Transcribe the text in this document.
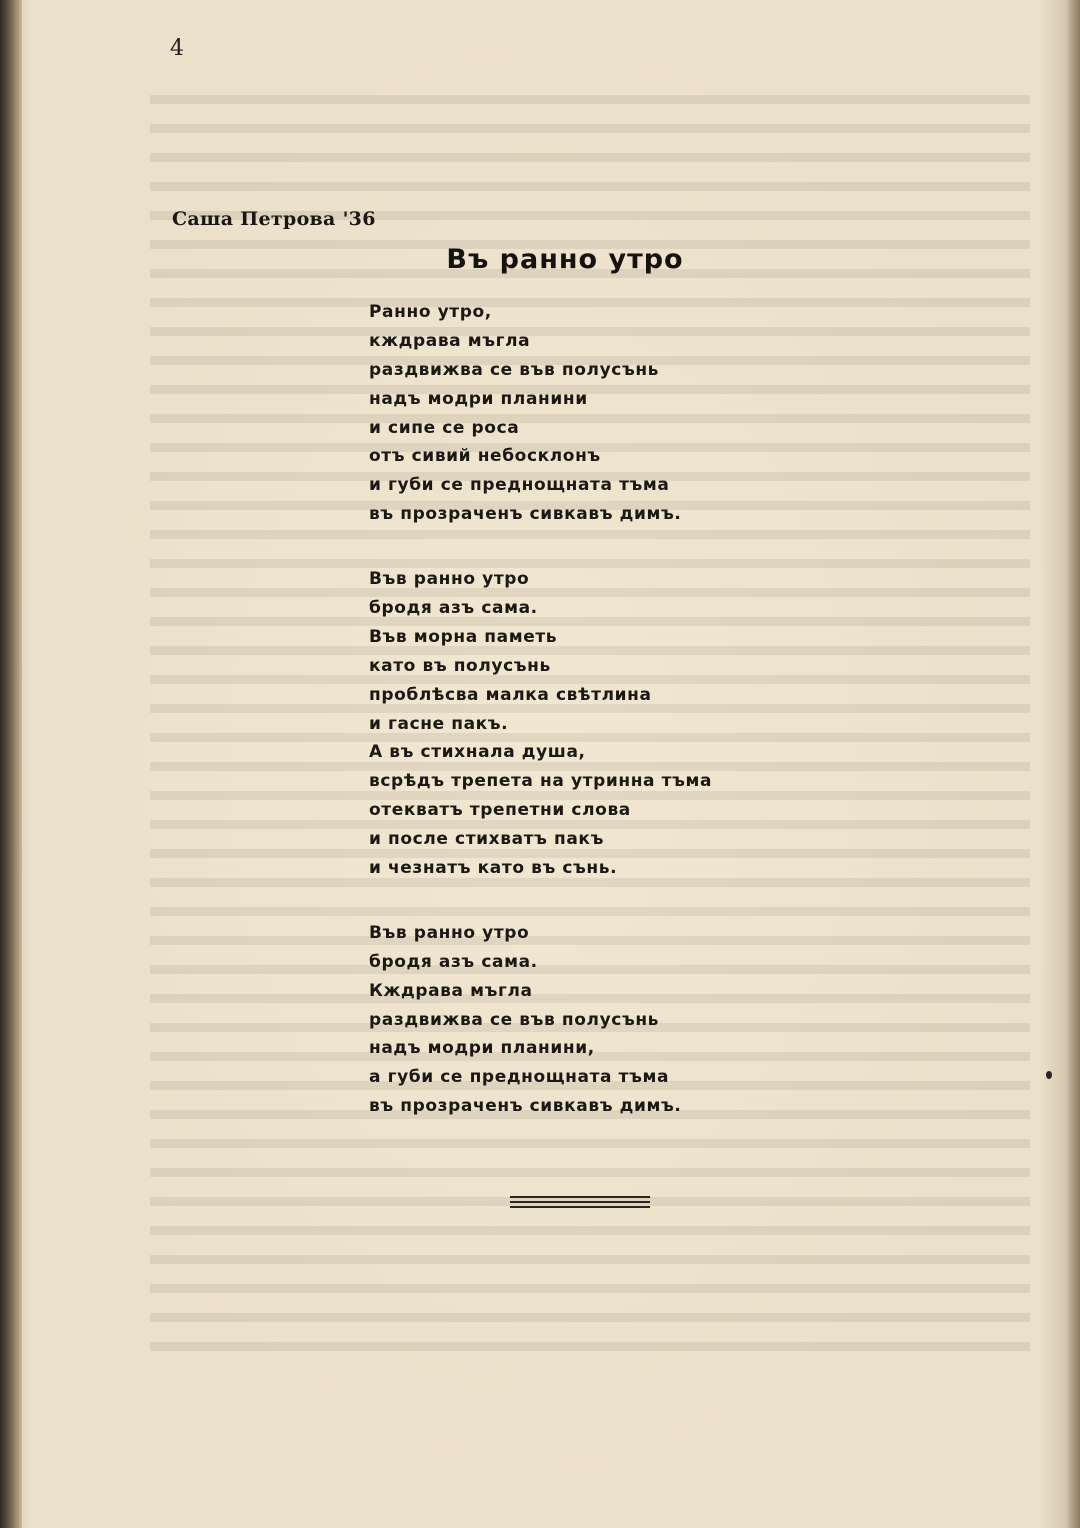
4
Саша Петрова '36
Въ ранно утро
Ранно утро,
кждрава мъгла
раздвижва се във полусънь
надъ модри планини
и сипе се роса
отъ сивий небосклонъ
и губи се преднощната тъма
въ прозраченъ сивкавъ димъ.
Във ранно утро
бродя азъ сама.
Във морна паметь
като въ полусънь
проблѣсва малка свѣтлина
и гасне пакъ.
А въ стихнала душа,
всрѣдъ трепета на утринна тъма
отекватъ трепетни слова
и после стихватъ пакъ
и чезнатъ като въ сънь.
Във ранно утро
бродя азъ сама.
Кждрава мъгла
раздвижва се във полусънь
надъ модри планини,
а губи се преднощната тъма
въ прозраченъ сивкавъ димъ.
